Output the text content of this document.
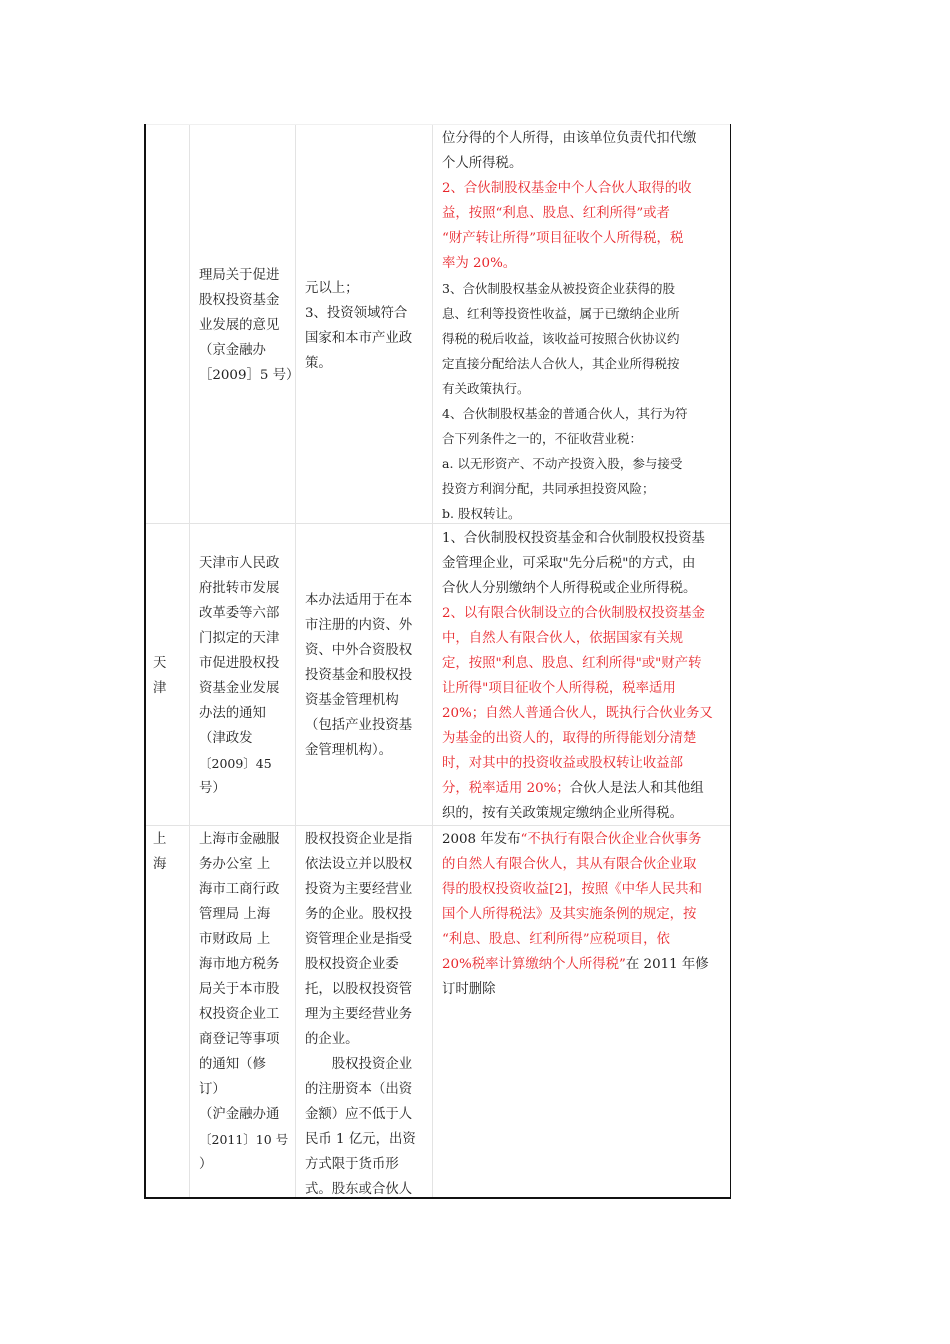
理局关于促进
股权投资基金
业发展的意见
（京金融办
［2009］5 号）
元以上；
3、投资领域符合
国家和本市产业政
策。
位分得的个人所得，由该单位负责代扣代缴
个人所得税。
2、合伙制股权基金中个人合伙人取得的收
益，按照“利息、股息、红利所得”或者
“财产转让所得”项目征收个人所得税，税
率为 20%。
3、合伙制股权基金从被投资企业获得的股
息、红利等投资性收益，属于已缴纳企业所
得税的税后收益，该收益可按照合伙协议约
定直接分配给法人合伙人，其企业所得税按
有关政策执行。
4、合伙制股权基金的普通合伙人，其行为符
合下列条件之一的，不征收营业税：
a. 以无形资产、不动产投资入股，参与接受
投资方利润分配，共同承担投资风险；
b. 股权转让。
天
津
天津市人民政
府批转市发展
改革委等六部
门拟定的天津
市促进股权投
资基金业发展
办法的通知
（津政发
〔2009〕45
号）
本办法适用于在本
市注册的内资、外
资、中外合资股权
投资基金和股权投
资基金管理机构
（包括产业投资基
金管理机构）。
1、合伙制股权投资基金和合伙制股权投资基
金管理企业，可采取"先分后税"的方式，由
合伙人分别缴纳个人所得税或企业所得税。
2、以有限合伙制设立的合伙制股权投资基金
中，自然人有限合伙人，依据国家有关规
定，按照"利息、股息、红利所得"或"财产转
让所得"项目征收个人所得税，税率适用
20%；自然人普通合伙人，既执行合伙业务又
为基金的出资人的，取得的所得能划分清楚
时，对其中的投资收益或股权转让收益部
分，税率适用 20%；合伙人是法人和其他组
织的，按有关政策规定缴纳企业所得税。
上
海
上海市金融服
务办公室 上
海市工商行政
管理局 上海
市财政局 上
海市地方税务
局关于本市股
权投资企业工
商登记等事项
的通知（修
订）
（沪金融办通
〔2011〕10 号
）
股权投资企业是指
依法设立并以股权
投资为主要经营业
务的企业。股权投
资管理企业是指受
股权投资企业委
托，以股权投资管
理为主要经营业务
的企业。
　　股权投资企业
的注册资本（出资
金额）应不低于人
民币 1 亿元，出资
方式限于货币形
式。股东或合伙人
2008 年发布“不执行有限合伙企业合伙事务
的自然人有限合伙人，其从有限合伙企业取
得的股权投资收益[2]，按照《中华人民共和
国个人所得税法》及其实施条例的规定，按
“利息、股息、红利所得”应税项目，依
20%税率计算缴纳个人所得税”在 2011 年修
订时删除
